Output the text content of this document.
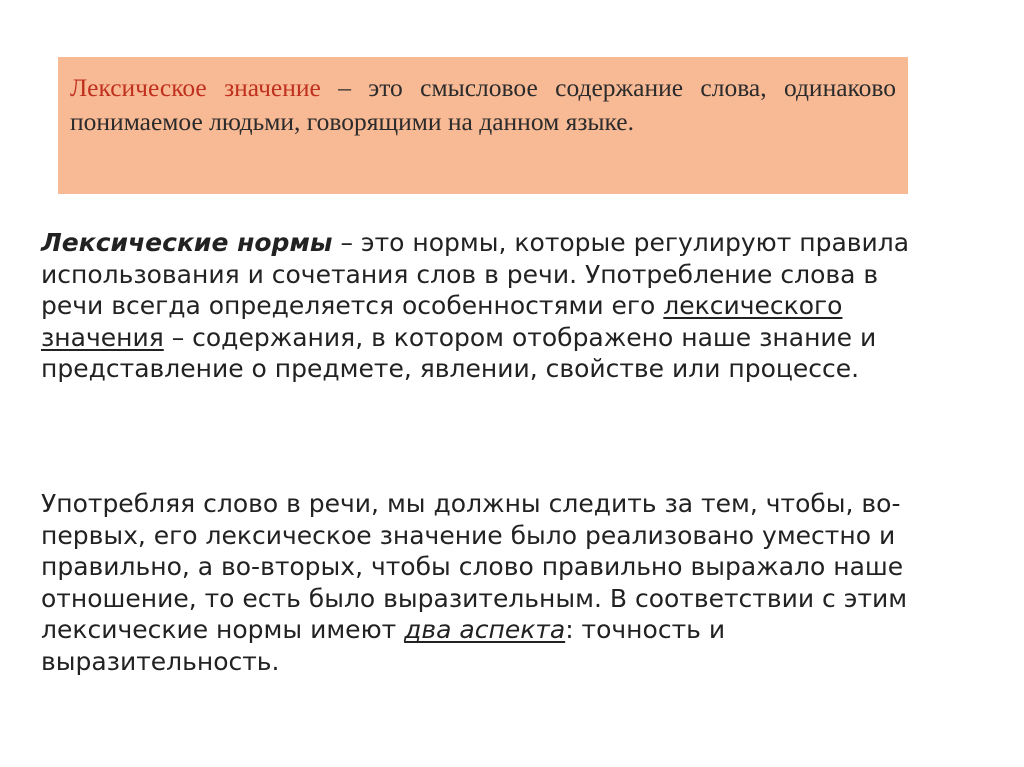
Лексическое значение – это смысловое содержание слова, одинаково понимаемое людьми, говорящими на данном языке.
Лексические нормы – это нормы, которые регулируют правила использования и сочетания слов в речи. Употребление слова в речи всегда определяется особенностями его лексического значения – содержания, в котором отображено наше знание и представление о предмете, явлении, свойстве или процессе.
Употребляя слово в речи, мы должны следить за тем, чтобы, во-первых, его лексическое значение было реализовано уместно и правильно, а во-вторых, чтобы слово правильно выражало наше отношение, то есть было выразительным. В соответствии с этим лексические нормы имеют два аспекта: точность и выразительность.
